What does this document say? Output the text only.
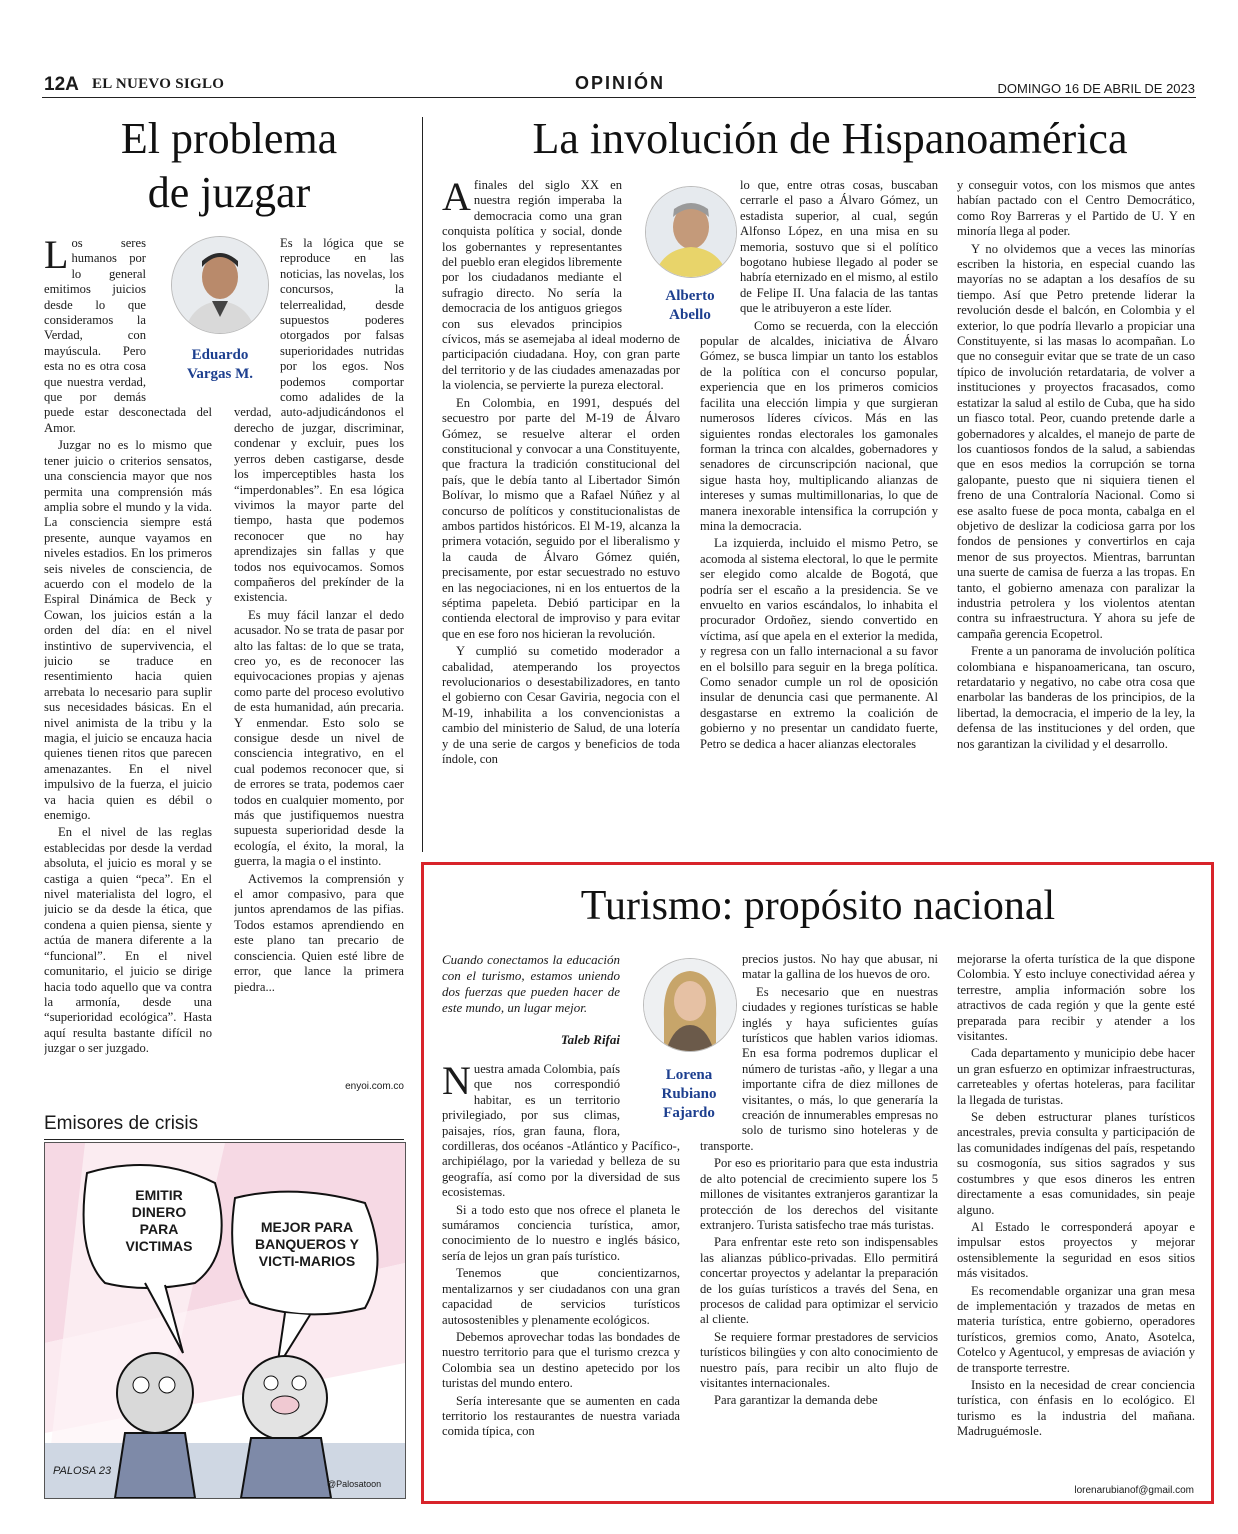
12A EL NUEVO SIGLO	OPINIÓN	DOMINGO 16 DE ABRIL DE 2023
El problema
de juzgar
Eduardo
Vargas M.

Los seres humanos por lo general emitimos juicios desde lo que consideramos la Verdad, con mayúscula. Pero esta no es otra cosa que nuestra verdad, que por demás puede estar desconectada del Amor.

Juzgar no es lo mismo que tener juicio o criterios sensatos, una consciencia mayor que nos permita una comprensión más amplia sobre el mundo y la vida. La consciencia siempre está presente, aunque vayamos en niveles estadios. En los primeros seis niveles de consciencia, de acuerdo con el modelo de la Espiral Dinámica de Beck y Cowan, los juicios están a la orden del día: en el nivel instintivo de supervivencia, el juicio se traduce en resentimiento hacia quien arrebata lo necesario para suplir sus necesidades básicas. En el nivel animista de la tribu y la magia, el juicio se encauza hacia quienes tienen ritos que parecen amenazantes. En el nivel impulsivo de la fuerza, el juicio va hacia quien es débil o enemigo.

En el nivel de las reglas establecidas por desde la verdad absoluta, el juicio es moral y se castiga a quien “peca”. En el nivel materialista del logro, el juicio se da desde la ética, que condena a quien piensa, siente y actúa de manera diferente a la “funcional”. En el nivel comunitario, el juicio se dirige hacia todo aquello que va contra la armonía, desde una “superioridad ecológica”. Hasta aquí resulta bastante difícil no juzgar o ser juzgado.

Es la lógica que se reproduce en las noticias, las novelas, los concursos, la telerrealidad, desde supuestos poderes otorgados por falsas superioridades nutridas por los egos. Nos podemos comportar como adalides de la verdad, auto-adjudicándonos el derecho de juzgar, discriminar, condenar y excluir, pues los yerros deben castigarse, desde los imperceptibles hasta los “imperdonables”. En esa lógica vivimos la mayor parte del tiempo, hasta que podemos reconocer que no hay aprendizajes sin fallas y que todos nos equivocamos. Somos compañeros del prekínder de la existencia.

Es muy fácil lanzar el dedo acusador. No se trata de pasar por alto las faltas: de lo que se trata, creo yo, es de reconocer las equivocaciones propias y ajenas como parte del proceso evolutivo de esta humanidad, aún precaria. Y enmendar. Esto solo se consigue desde un nivel de consciencia integrativo, en el cual podemos reconocer que, si de errores se trata, podemos caer todos en cualquier momento, por más que justifiquemos nuestra supuesta superioridad desde la ecología, el éxito, la moral, la guerra, la magia o el instinto.

Activemos la comprensión y el amor compasivo, para que juntos aprendamos de las pifias. Todos estamos aprendiendo en este plano tan precario de consciencia. Quien esté libre de error, que lance la primera piedra...

enyoi.com.co
Emisores de crisis
EMITIR DINERO PARA VICTIMAS
MEJOR PARA BANQUEROS Y VICTI-MARIOS
PALOSA 23
@Palosatoon
La involución de Hispanoamérica
Alberto
Abello

Afinales del siglo XX en nuestra región imperaba la democracia como una gran conquista política y social, donde los gobernantes y representantes del pueblo eran elegidos libremente por los ciudadanos mediante el sufragio directo. No sería la democracia de los antiguos griegos con sus elevados principios cívicos, más se asemejaba al ideal moderno de participación ciudadana. Hoy, con gran parte del territorio y de las ciudades amenazadas por la violencia, se pervierte la pureza electoral.

En Colombia, en 1991, después del secuestro por parte del M-19 de Álvaro Gómez, se resuelve alterar el orden constitucional y convocar a una Constituyente, que fractura la tradición constitucional del país, que le debía tanto al Libertador Simón Bolívar, lo mismo que a Rafael Núñez y al concurso de políticos y constitucionalistas de ambos partidos históricos. El M-19, alcanza la primera votación, seguido por el liberalismo y la cauda de Álvaro Gómez quién, precisamente, por estar secuestrado no estuvo en las negociaciones, ni en los entuertos de la séptima papeleta. Debió participar en la contienda electoral de improviso y para evitar que en ese foro nos hicieran la revolución.

Y cumplió su cometido moderador a cabalidad, atemperando los proyectos revolucionarios o desestabilizadores, en tanto el gobierno con Cesar Gaviria, negocia con el M-19, inhabilita a los convencionistas a cambio del ministerio de Salud, de una lotería y de una serie de cargos y beneficios de toda índole, con

lo que, entre otras cosas, buscaban cerrarle el paso a Álvaro Gómez, un estadista superior, al cual, según Alfonso López, en una misa en su memoria, sostuvo que si el político bogotano hubiese llegado al poder se habría eternizado en el mismo, al estilo de Felipe II. Una falacia de las tantas que le atribuyeron a este líder.

Como se recuerda, con la elección popular de alcaldes, iniciativa de Álvaro Gómez, se busca limpiar un tanto los establos de la política con el concurso popular, experiencia que en los primeros comicios facilita una elección limpia y que surgieran numerosos líderes cívicos. Más en las siguientes rondas electorales los gamonales forman la trinca con alcaldes, gobernadores y senadores de circunscripción nacional, que sigue hasta hoy, multiplicando alianzas de intereses y sumas multimillonarias, lo que de manera inexorable intensifica la corrupción y mina la democracia.

La izquierda, incluido el mismo Petro, se acomoda al sistema electoral, lo que le permite ser elegido como alcalde de Bogotá, que podría ser el escaño a la presidencia. Se ve envuelto en varios escándalos, lo inhabita el procurador Ordoñez, siendo convertido en víctima, así que apela en el exterior la medida, y regresa con un fallo internacional a su favor en el bolsillo para seguir en la brega política. Como senador cumple un rol de oposición insular de denuncia casi que permanente. Al desgastarse en extremo la coalición de gobierno y no presentar un candidato fuerte, Petro se dedica a hacer alianzas electorales

y conseguir votos, con los mismos que antes habían pactado con el Centro Democrático, como Roy Barreras y el Partido de U. Y en minoría llega al poder.

Y no olvidemos que a veces las minorías escriben la historia, en especial cuando las mayorías no se adaptan a los desafíos de su tiempo. Así que Petro pretende liderar la revolución desde el balcón, en Colombia y el exterior, lo que podría llevarlo a propiciar una Constituyente, si las masas lo acompañan. Lo que no conseguir evitar que se trate de un caso típico de involución retardataria, de volver a instituciones y proyectos fracasados, como estatizar la salud al estilo de Cuba, que ha sido un fiasco total. Peor, cuando pretende darle a gobernadores y alcaldes, el manejo de parte de los cuantiosos fondos de la salud, a sabiendas que en esos medios la corrupción se torna galopante, puesto que ni siquiera tienen el freno de una Contraloría Nacional. Como si ese asalto fuese de poca monta, cabalga en el objetivo de deslizar la codiciosa garra por los fondos de pensiones y convertirlos en caja menor de sus proyectos. Mientras, barruntan una suerte de camisa de fuerza a las tropas. En tanto, el gobierno amenaza con paralizar la industria petrolera y los violentos atentan contra su infraestructura. Y ahora su jefe de campaña gerencia Ecopetrol.

Frente a un panorama de involución política colombiana e hispanoamericana, tan oscuro, retardatario y negativo, no cabe otra cosa que enarbolar las banderas de los principios, de la libertad, la democracia, el imperio de la ley, la defensa de las instituciones y del orden, que nos garantizan la civilidad y el desarrollo.

Turismo: propósito nacional
Cuando conectamos la educación con el turismo, estamos uniendo dos fuerzas que pueden hacer de este mundo, un lugar mejor.
Taleb Rifai
Lorena
Rubiano
Fajardo

Nuestra amada Colombia, país que nos correspondió habitar, es un territorio privilegiado, por sus climas, paisajes, ríos, gran fauna, flora, cordilleras, dos océanos -Atlántico y Pacífico-, archipiélago, por la variedad y belleza de su geografía, así como por la diversidad de sus ecosistemas.

Si a todo esto que nos ofrece el planeta le sumáramos conciencia turística, amor, conocimiento de lo nuestro e inglés básico, sería de lejos un gran país turístico.

Tenemos que concientizarnos, mentalizarnos y ser ciudadanos con una gran capacidad de servicios turísticos autosostenibles y plenamente ecológicos.

Debemos aprovechar todas las bondades de nuestro territorio para que el turismo crezca y Colombia sea un destino apetecido por los turistas del mundo entero.

Sería interesante que se aumenten en cada territorio los restaurantes de nuestra variada comida típica, con

precios justos. No hay que abusar, ni matar la gallina de los huevos de oro.

Es necesario que en nuestras ciudades y regiones turísticas se hable inglés y haya suficientes guías turísticos que hablen varios idiomas. En esa forma podremos duplicar el número de turistas -año, y llegar a una importante cifra de diez millones de visitantes, o más, lo que generaría la creación de innumerables empresas no solo de turismo sino hoteleras y de transporte.

Por eso es prioritario para que esta industria de alto potencial de crecimiento supere los 5 millones de visitantes extranjeros garantizar la protección de los derechos del visitante extranjero. Turista satisfecho trae más turistas.

Para enfrentar este reto son indispensables las alianzas público-privadas. Ello permitirá concertar proyectos y adelantar la preparación de los guías turísticos a través del Sena, en procesos de calidad para optimizar el servicio al cliente.

Se requiere formar prestadores de servicios turísticos bilingües y con alto conocimiento de nuestro país, para recibir un alto flujo de visitantes internacionales.

Para garantizar la demanda debe

mejorarse la oferta turística de la que dispone Colombia. Y esto incluye conectividad aérea y terrestre, amplia información sobre los atractivos de cada región y que la gente esté preparada para recibir y atender a los visitantes.

Cada departamento y municipio debe hacer un gran esfuerzo en optimizar infraestructuras, carreteables y ofertas hoteleras, para facilitar la llegada de turistas.

Se deben estructurar planes turísticos ancestrales, previa consulta y participación de las comunidades indígenas del país, respetando su cosmogonía, sus sitios sagrados y sus costumbres y que esos dineros les entren directamente a esas comunidades, sin peaje alguno.

Al Estado le corresponderá apoyar e impulsar estos proyectos y mejorar ostensiblemente la seguridad en esos sitios más visitados.

Es recomendable organizar una gran mesa de implementación y trazados de metas en materia turística, entre gobierno, operadores turísticos, gremios como, Anato, Asotelca, Cotelco y Agentucol, y empresas de aviación y de transporte terrestre.

Insisto en la necesidad de crear conciencia turística, con énfasis en lo ecológico. El turismo es la industria del mañana. Madruguémosle.

lorenarubianof@gmail.com
